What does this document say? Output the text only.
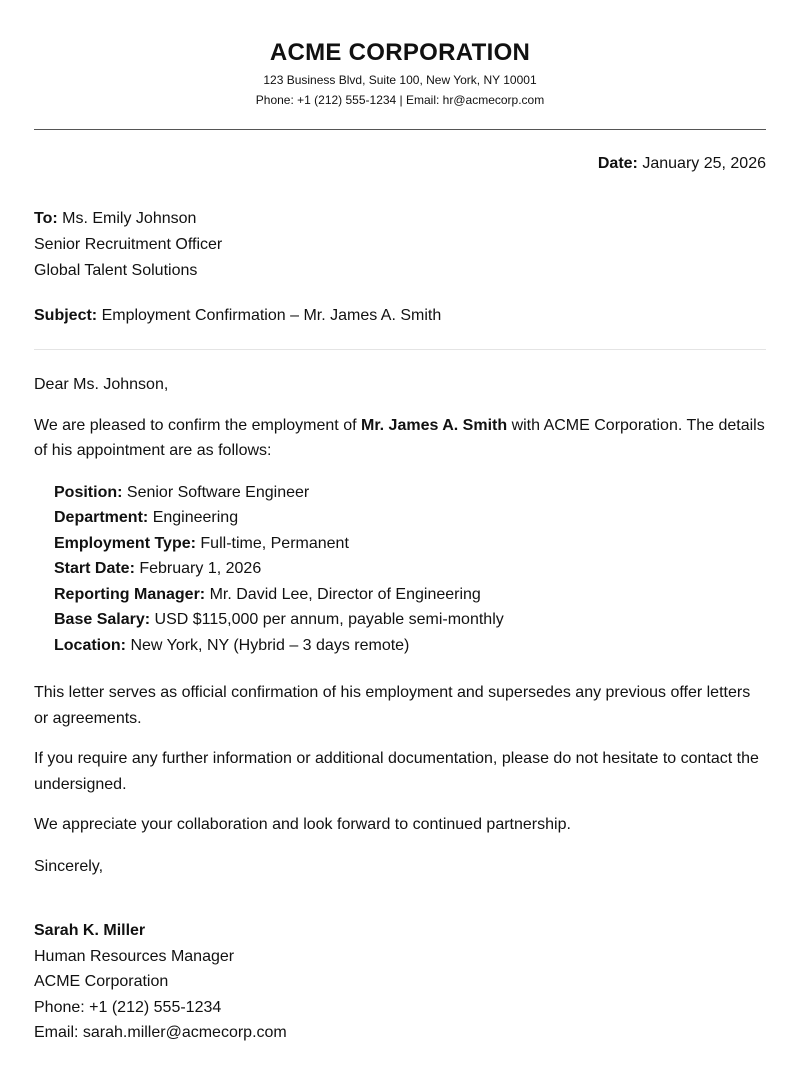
ACME CORPORATION
123 Business Blvd, Suite 100, New York, NY 10001
Phone: +1 (212) 555-1234 | Email: hr@acmecorp.com
Date: January 25, 2026
To: Ms. Emily Johnson
Senior Recruitment Officer
Global Talent Solutions
Subject: Employment Confirmation – Mr. James A. Smith
Dear Ms. Johnson,
We are pleased to confirm the employment of Mr. James A. Smith with ACME Corporation. The details of his appointment are as follows:
Position: Senior Software Engineer
Department: Engineering
Employment Type: Full-time, Permanent
Start Date: February 1, 2026
Reporting Manager: Mr. David Lee, Director of Engineering
Base Salary: USD $115,000 per annum, payable semi-monthly
Location: New York, NY (Hybrid – 3 days remote)
This letter serves as official confirmation of his employment and supersedes any previous offer letters or agreements.
If you require any further information or additional documentation, please do not hesitate to contact the undersigned.
We appreciate your collaboration and look forward to continued partnership.
Sincerely,
Sarah K. Miller
Human Resources Manager
ACME Corporation
Phone: +1 (212) 555-1234
Email: sarah.miller@acmecorp.com
